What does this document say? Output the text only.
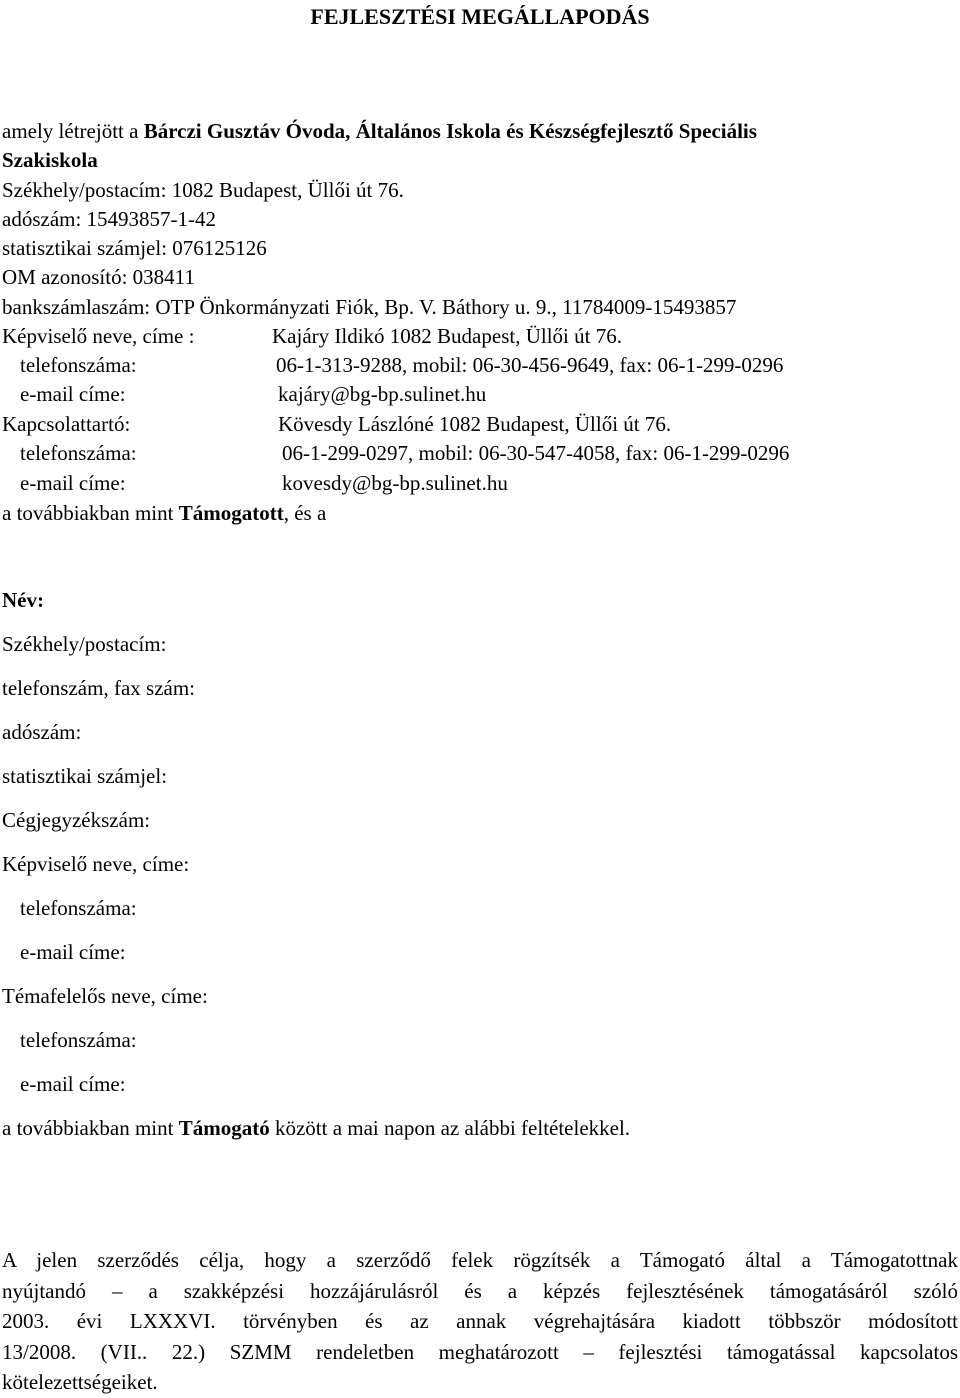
FEJLESZTÉSI MEGÁLLAPODÁS
amely létrejött a Bárczi Gusztáv Óvoda, Általános Iskola és Készségfejlesztő Speciális
Szakiskola
Székhely/postacím: 1082 Budapest, Üllői út 76.
adószám: 15493857-1-42
statisztikai számjel: 076125126
OM azonosító: 038411
bankszámlaszám: OTP Önkormányzati Fiók, Bp. V. Báthory u. 9., 11784009-15493857
Képviselő neve, címe :	Kajáry Ildikó 1082 Budapest, Üllői út 76.
telefonszáma:	06-1-313-9288, mobil: 06-30-456-9649, fax: 06-1-299-0296
e-mail címe:	kajáry@bg-bp.sulinet.hu
Kapcsolattartó:	Kövesdy Lászlóné 1082 Budapest, Üllői út 76.
telefonszáma:	06-1-299-0297, mobil: 06-30-547-4058, fax: 06-1-299-0296
e-mail címe:	kovesdy@bg-bp.sulinet.hu
a továbbiakban mint Támogatott, és a
Név:
Székhely/postacím:
telefonszám, fax szám:
adószám:
statisztikai számjel:
Cégjegyzékszám:
Képviselő neve, címe:
telefonszáma:
e-mail címe:
Témafelelős neve, címe:
telefonszáma:
e-mail címe:
a továbbiakban mint Támogató között a mai napon az alábbi feltételekkel.
A jelen szerződés célja, hogy a szerződő felek rögzítsék a Támogató által a Támogatottnak
nyújtandó – a szakképzési hozzájárulásról és a képzés fejlesztésének támogatásáról szóló
2003. évi LXXXVI. törvényben és az annak végrehajtására kiadott többször módosított
13/2008. (VII.. 22.) SZMM rendeletben meghatározott – fejlesztési támogatással kapcsolatos
kötelezettségeiket.
